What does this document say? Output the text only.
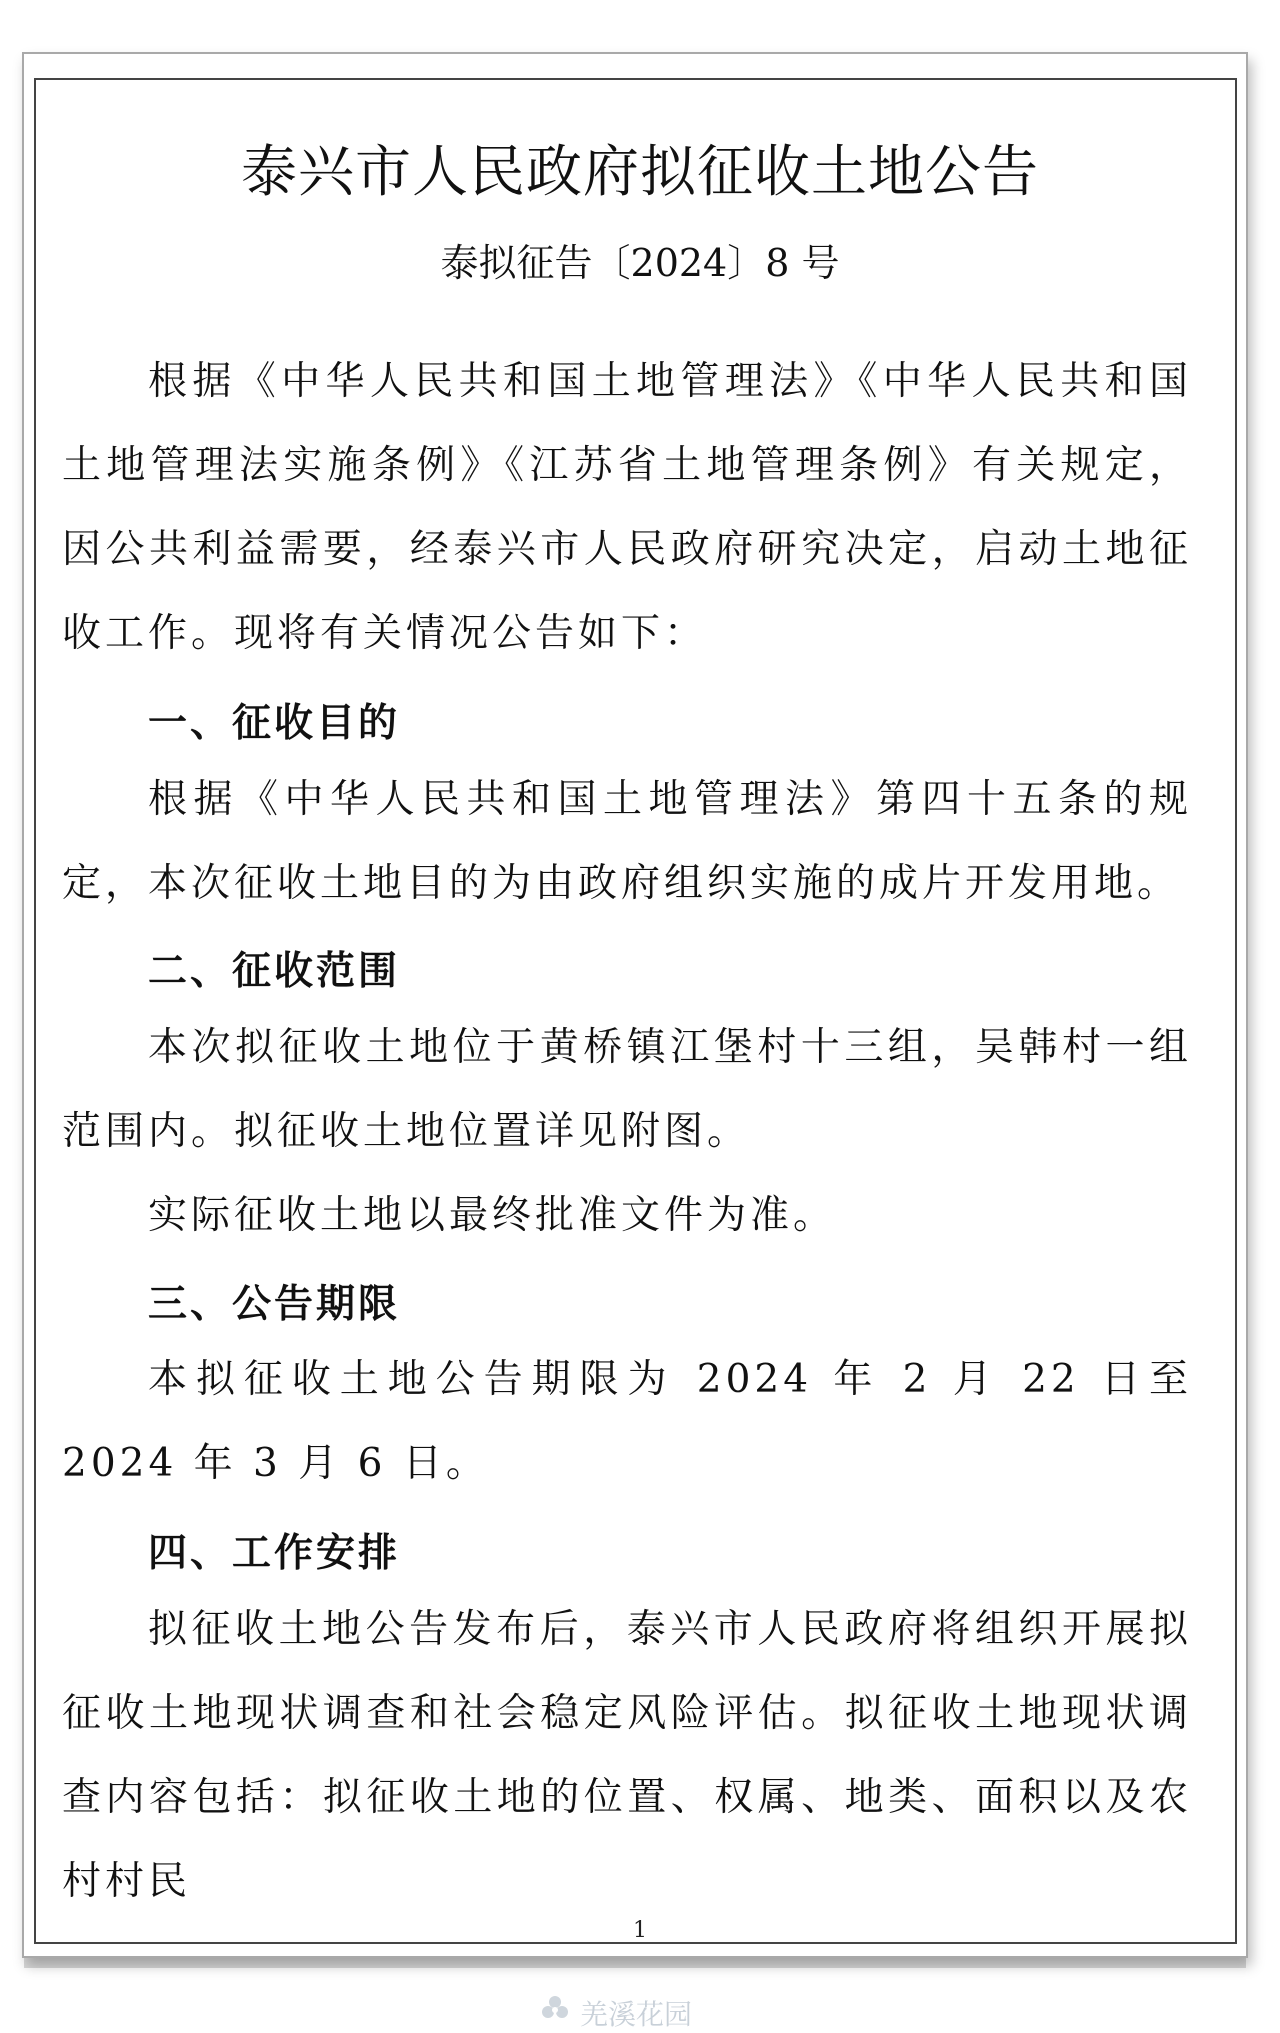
泰兴市人民政府拟征收土地公告
泰拟征告〔2024〕8 号

根据《中华人民共和国土地管理法》《中华人民共和国土地管理法实施条例》《江苏省土地管理条例》有关规定，因公共利益需要，经泰兴市人民政府研究决定，启动土地征收工作。现将有关情况公告如下：

一、征收目的

根据《中华人民共和国土地管理法》第四十五条的规定，本次征收土地目的为由政府组织实施的成片开发用地。

二、征收范围

本次拟征收土地位于黄桥镇江堡村十三组，吴韩村一组范围内。拟征收土地位置详见附图。

实际征收土地以最终批准文件为准。

三、公告期限

本拟征收土地公告期限为 2024 年 2 月 22 日至 2024 年 3 月 6 日。

四、工作安排

拟征收土地公告发布后，泰兴市人民政府将组织开展拟征收土地现状调查和社会稳定风险评估。拟征收土地现状调查内容包括：拟征收土地的位置、权属、地类、面积以及农村村民

1
羌溪花园
